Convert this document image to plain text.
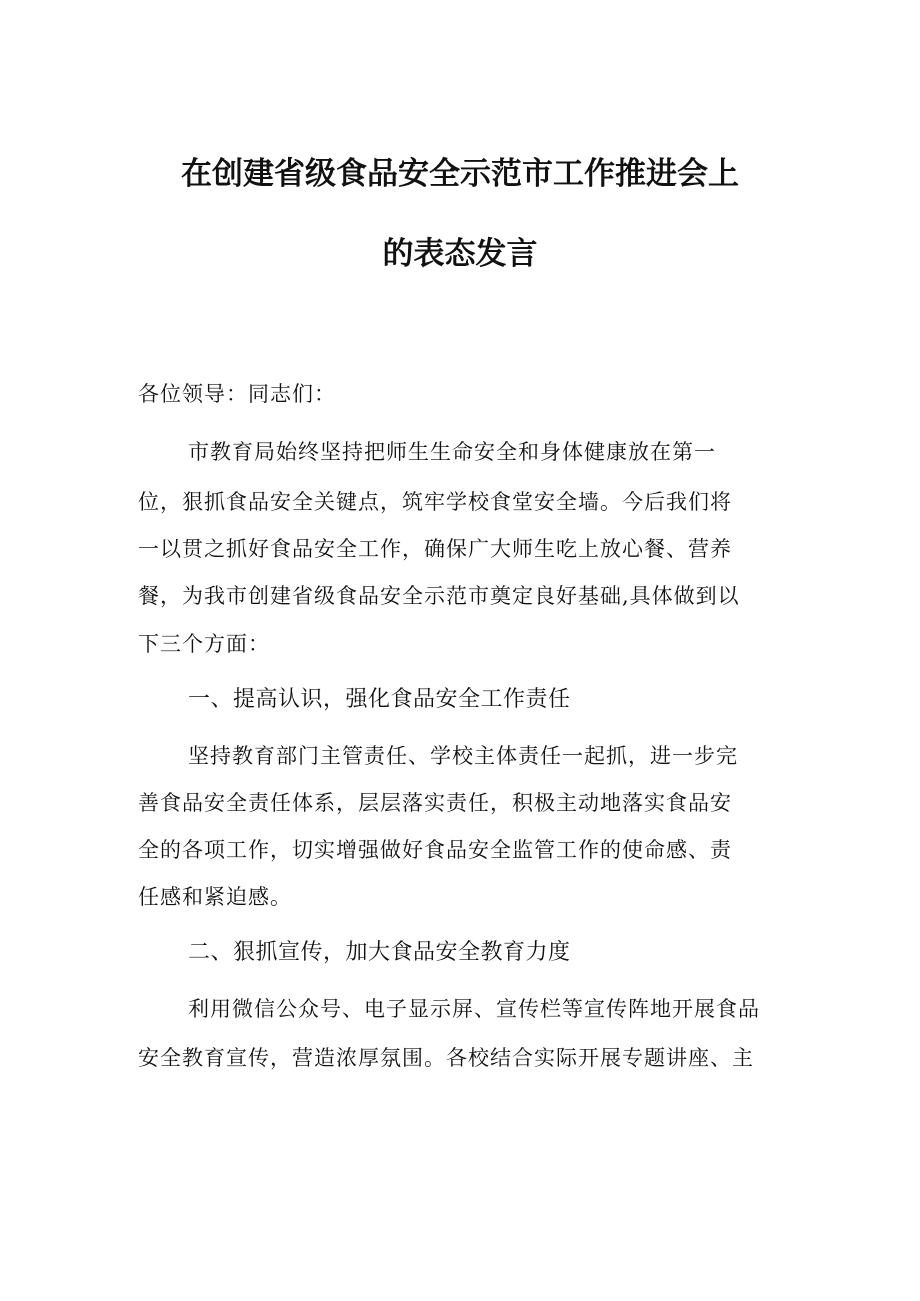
在创建省级食品安全示范市工作推进会上
的表态发言
各位领导：同志们：
市教育局始终坚持把师生生命安全和身体健康放在第一
位，狠抓食品安全关键点，筑牢学校食堂安全墙。今后我们将
一以贯之抓好食品安全工作，确保广大师生吃上放心餐、营养
餐，为我市创建省级食品安全示范市奠定良好基础,具体做到以
下三个方面：
一、提高认识，强化食品安全工作责任
坚持教育部门主管责任、学校主体责任一起抓，进一步完
善食品安全责任体系，层层落实责任，积极主动地落实食品安
全的各项工作，切实增强做好食品安全监管工作的使命感、责
任感和紧迫感。
二、狠抓宣传，加大食品安全教育力度
利用微信公众号、电子显示屏、宣传栏等宣传阵地开展食品
安全教育宣传，营造浓厚氛围。各校结合实际开展专题讲座、主
